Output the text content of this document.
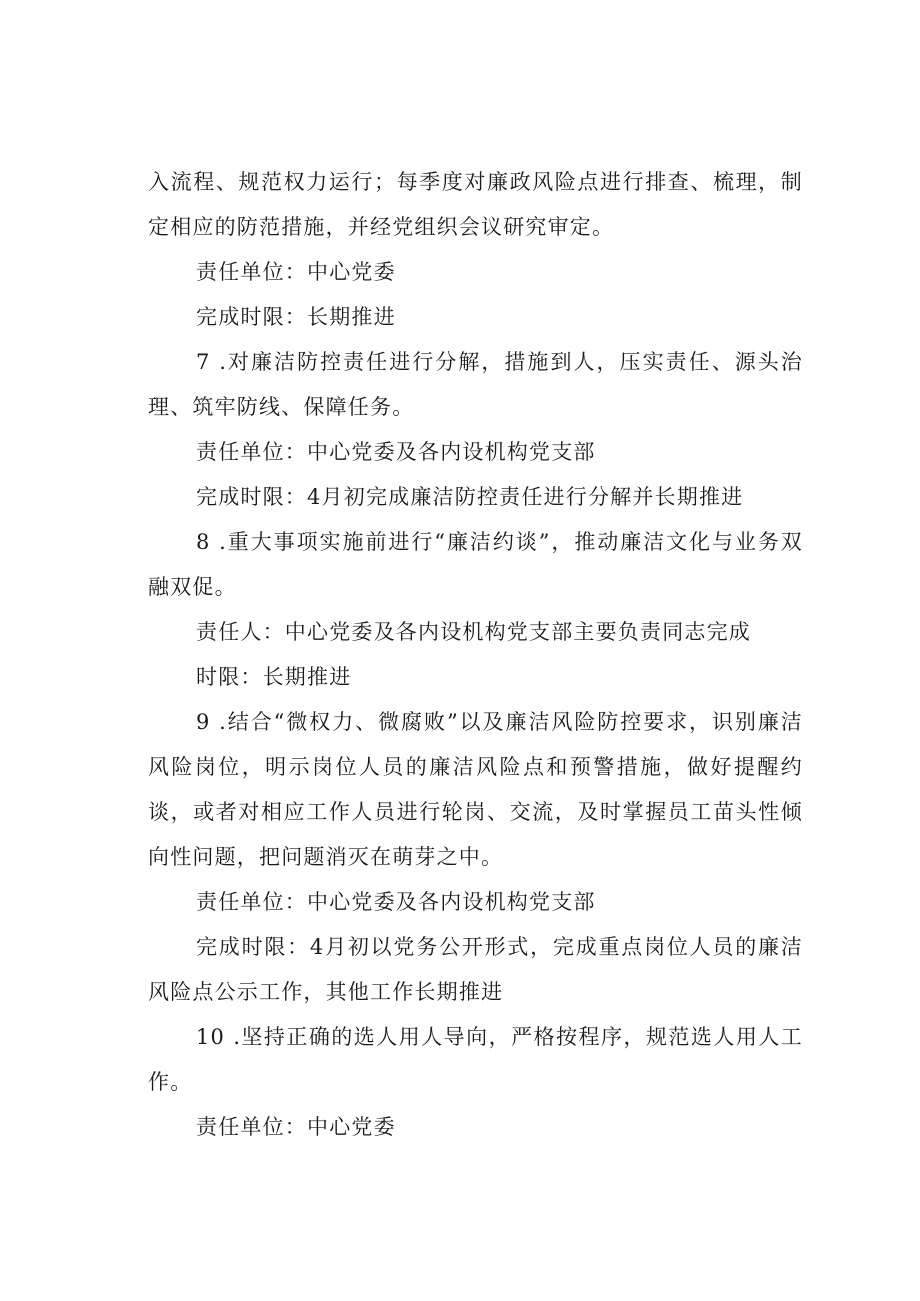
入流程、规范权力运行；每季度对廉政风险点进行排查、梳理，制定相应的防范措施，并经党组织会议研究审定。

责任单位：中心党委

完成时限：长期推进

7 .对廉洁防控责任进行分解，措施到人，压实责任、源头治理、筑牢防线、保障任务。

责任单位：中心党委及各内设机构党支部

完成时限：4月初完成廉洁防控责任进行分解并长期推进

8 .重大事项实施前进行“廉洁约谈”，推动廉洁文化与业务双融双促。

责任人：中心党委及各内设机构党支部主要负责同志完成

时限：长期推进

9 .结合“微权力、微腐败”以及廉洁风险防控要求，识别廉洁风险岗位，明示岗位人员的廉洁风险点和预警措施，做好提醒约谈，或者对相应工作人员进行轮岗、交流，及时掌握员工苗头性倾向性问题，把问题消灭在萌芽之中。

责任单位：中心党委及各内设机构党支部

完成时限：4月初以党务公开形式，完成重点岗位人员的廉洁风险点公示工作，其他工作长期推进

10 .坚持正确的选人用人导向，严格按程序，规范选人用人工作。

责任单位：中心党委
